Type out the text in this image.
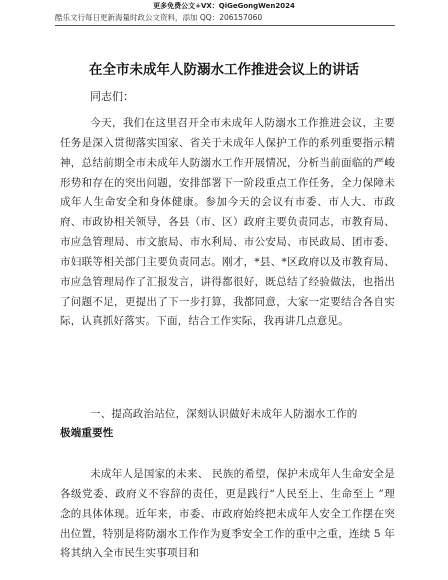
更多免费公文+VX：QiGeGongWen2024
酷乐文行每日更新海量时政公文资料，添加 QQ：206157060
在全市未成年人防溺水工作推进会议上的讲话
同志们：

今天，我们在这里召开全市未成年人防溺水工作推进会议，主要任务是深入贯彻落实国家、省关于未成年人保护工作的系列重要指示精神，总结前期全市未成年人防溺水工作开展情况，分析当前面临的严峻形势和存在的突出问题，安排部署下一阶段重点工作任务，全力保障未成年人生命安全和身体健康。参加今天的会议有市委、市人大、市政府、市政协相关领导，各县（市、区）政府主要负责同志，市教育局、市应急管理局、市文旅局、市水利局、市公安局、市民政局、团市委、市妇联等相关部门主要负责同志。刚才，*县、*区政府以及市教育局、市应急管理局作了汇报发言，讲得都很好，既总结了经验做法，也指出了问题不足，更提出了下一步打算，我都同意，大家一定要结合各自实际，认真抓好落实。下面，结合工作实际，我再讲几点意见。

一、提高政治站位，深刻认识做好未成年人防溺水工作的
极端重要性

未成年人是国家的未来、 民族的希望，保护未成年人生命安全是各级党委、政府义不容辞的责任，更是践行“人民至上、生命至上 ”理念的具体体现。近年来，市委、市政府始终把未成年人安全工作摆在突出位置，特别是将防溺水工作作为夏季安全工作的重中之重，连续 5 年将其纳入全市民生实事项目和
